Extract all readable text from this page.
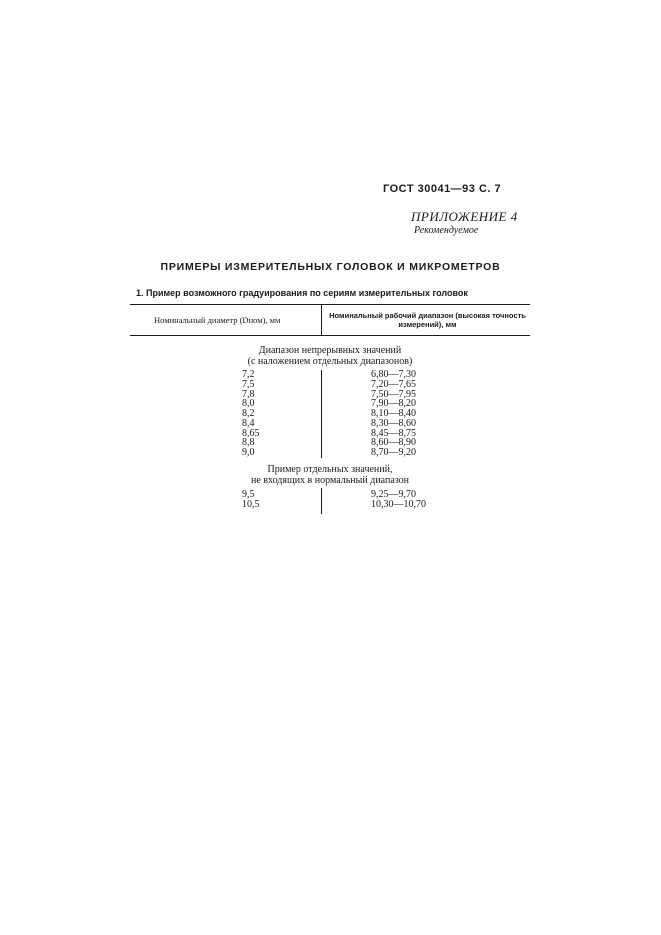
ГОСТ 30041—93 С. 7
ПРИЛОЖЕНИЕ 4
Рекомендуемое
ПРИМЕРЫ ИЗМЕРИТЕЛЬНЫХ ГОЛОВОК И МИКРОМЕТРОВ
1. Пример возможного градуирования по сериям измерительных головок
Номинальный диаметр (Dном), мм	Номинальный рабочий диапазон (высокая точность измерений), мм
Диапазон непрерывных значений
(с наложением отдельных диапазонов)
7,2	6,80—7,30
7,5	7,20—7,65
7,8	7,50—7,95
8,0	7,90—8,20
8,2	8,10—8,40
8,4	8,30—8,60
8,65	8,45—8,75
8,8	8,60—8,90
9,0	8,70—9,20
Пример отдельных значений,
не входящих в нормальный диапазон
9,5	9,25—9,70
10,5	10,30—10,70
